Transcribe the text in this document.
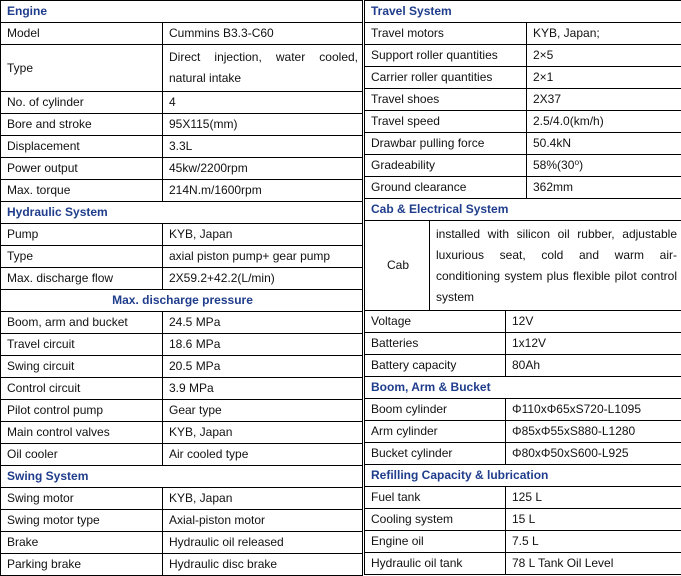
Engine	
Model	Cummins B3.3-C60
Type	Direct injection, water cooled, natural intake
No. of cylinder	4
Bore and stroke	95X115(mm)
Displacement	3.3L
Power output	45kw/2200rpm
Max. torque	214N.m/1600rpm
Hydraulic System	
Pump	KYB, Japan
Type	axial piston pump+ gear pump
Max. discharge flow	2X59.2+42.2(L/min)
Max. discharge pressure	
Boom, arm and bucket	24.5 MPa
Travel circuit	18.6 MPa
Swing circuit	20.5 MPa
Control circuit	3.9 MPa
Pilot control pump	Gear type
Main control valves	KYB, Japan
Oil cooler	Air cooled type
Swing System	
Swing motor	KYB, Japan
Swing motor type	Axial-piston motor
Brake	Hydraulic oil released
Parking brake	Hydraulic disc brake
Travel System	
Travel motors	KYB, Japan;
Support roller quantities	2×5
Carrier roller quantities	2×1
Travel shoes	2X37
Travel speed	2.5/4.0(km/h)
Drawbar pulling force	50.4kN
Gradeability	58%(30⁰)
Ground clearance	362mm
Cab & Electrical System		
Cab	installed with silicon oil rubber, adjustable luxurious seat, cold and warm air-conditioning system plus flexible pilot control system	
Voltage		12V
Batteries		1x12V
Battery capacity		80Ah
Boom, Arm & Bucket		
Boom cylinder		Φ110xΦ65xS720-L1095
Arm cylinder		Φ85xΦ55xS880-L1280
Bucket cylinder		Φ80xΦ50xS600-L925
Refilling Capacity & lubrication		
Fuel tank		125 L
Cooling system		15 L
Engine oil		7.5 L
Hydraulic oil tank		78 L Tank Oil Level
